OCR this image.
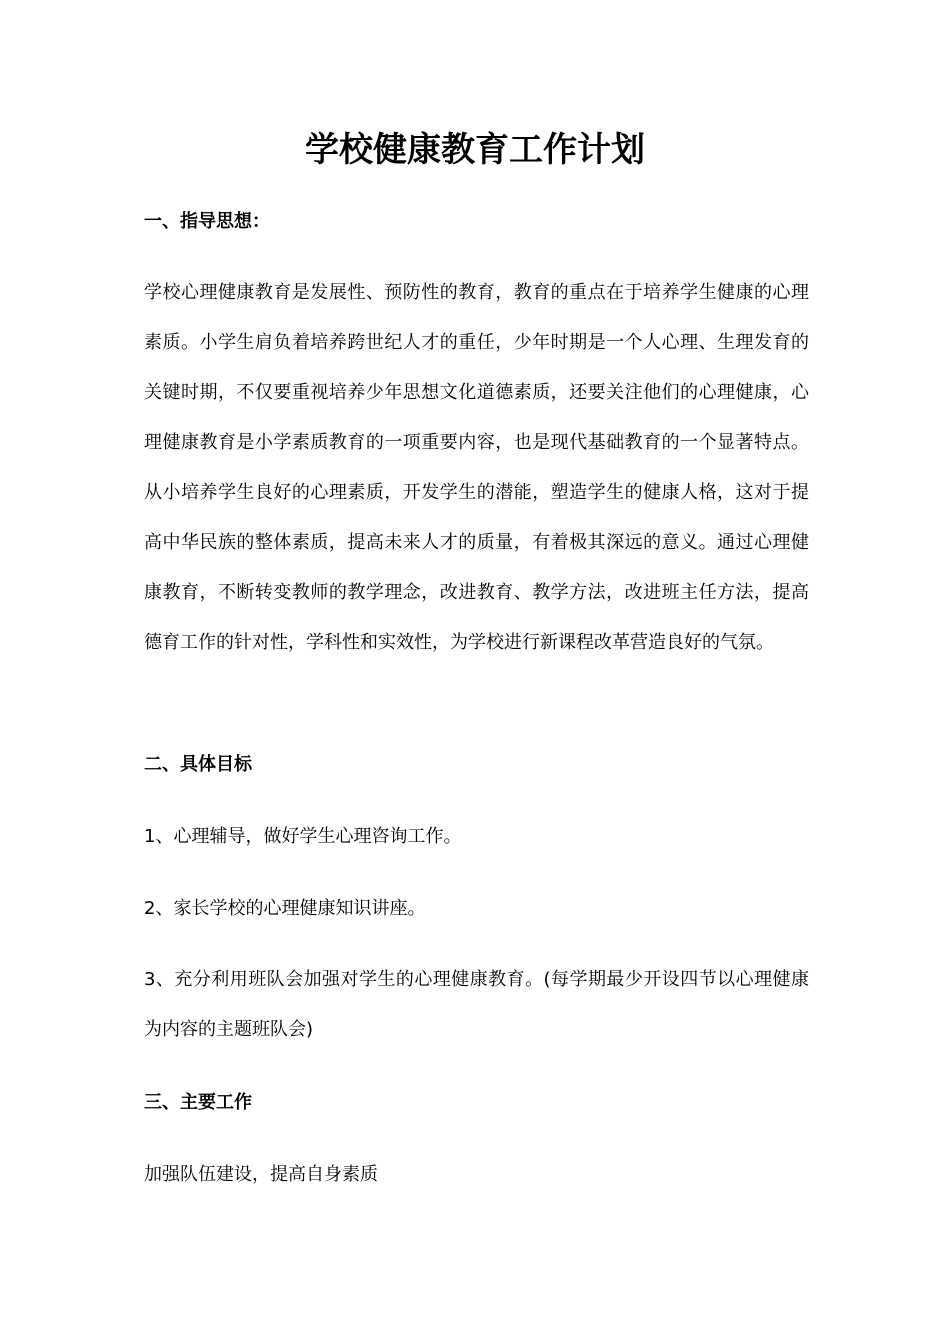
学校健康教育工作计划
一、指导思想：

学校心理健康教育是发展性、预防性的教育，教育的重点在于培养学生健康的心理素质。小学生肩负着培养跨世纪人才的重任，少年时期是一个人心理、生理发育的关键时期，不仅要重视培养少年思想文化道德素质，还要关注他们的心理健康，心理健康教育是小学素质教育的一项重要内容，也是现代基础教育的一个显著特点。从小培养学生良好的心理素质，开发学生的潜能，塑造学生的健康人格，这对于提高中华民族的整体素质，提高未来人才的质量，有着极其深远的意义。通过心理健康教育，不断转变教师的教学理念，改进教育、教学方法，改进班主任方法，提高德育工作的针对性，学科性和实效性，为学校进行新课程改革营造良好的气氛。

二、具体目标

1、心理辅导，做好学生心理咨询工作。

2、家长学校的心理健康知识讲座。

3、充分利用班队会加强对学生的心理健康教育。(每学期最少开设四节以心理健康为内容的主题班队会)

三、主要工作

加强队伍建设，提高自身素质
